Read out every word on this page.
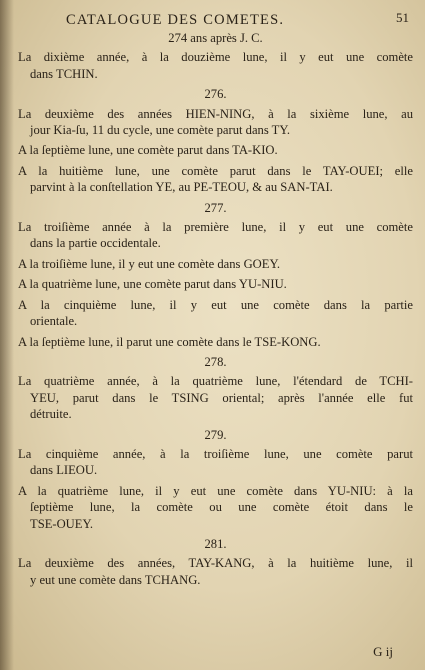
CATALOGUE DES COMETES.	51
274 ans après J. C.
La dixième année, à la douzième lune, il y eut une comète
dans TCHIN.
276.
La deuxième des années HIEN-NING, à la sixième lune, au
jour Kia-ſu, 11 du cycle, une comète parut dans TY.
A la ſeptième lune, une comète parut dans TA-KIO.
A la huitième lune, une comète parut dans le TAY-OUEI; elle
parvint à la conſtellation YE, au PE-TEOU, & au SAN-TAI.
277.
La troiſième année à la première lune, il y eut une comète
dans la partie occidentale.
A la troiſième lune, il y eut une comète dans GOEY.
A la quatrième lune, une comète parut dans YU-NIU.
A la cinquième lune, il y eut une comète dans la partie
orientale.
A la ſeptième lune, il parut une comète dans le TSE-KONG.
278.
La quatrième année, à la quatrième lune, l'étendard de TCHI-
YEU, parut dans le TSING oriental; après l'année elle fut
détruite.
279.
La cinquième année, à la troiſième lune, une comète parut
dans LIEOU.
A la quatrième lune, il y eut une comète dans YU-NIU: à la
ſeptième lune, la comète ou une comète étoit dans le
TSE-OUEY.
281.
La deuxième des années, TAY-KANG, à la huitième lune, il
y eut une comète dans TCHANG.
G ij
